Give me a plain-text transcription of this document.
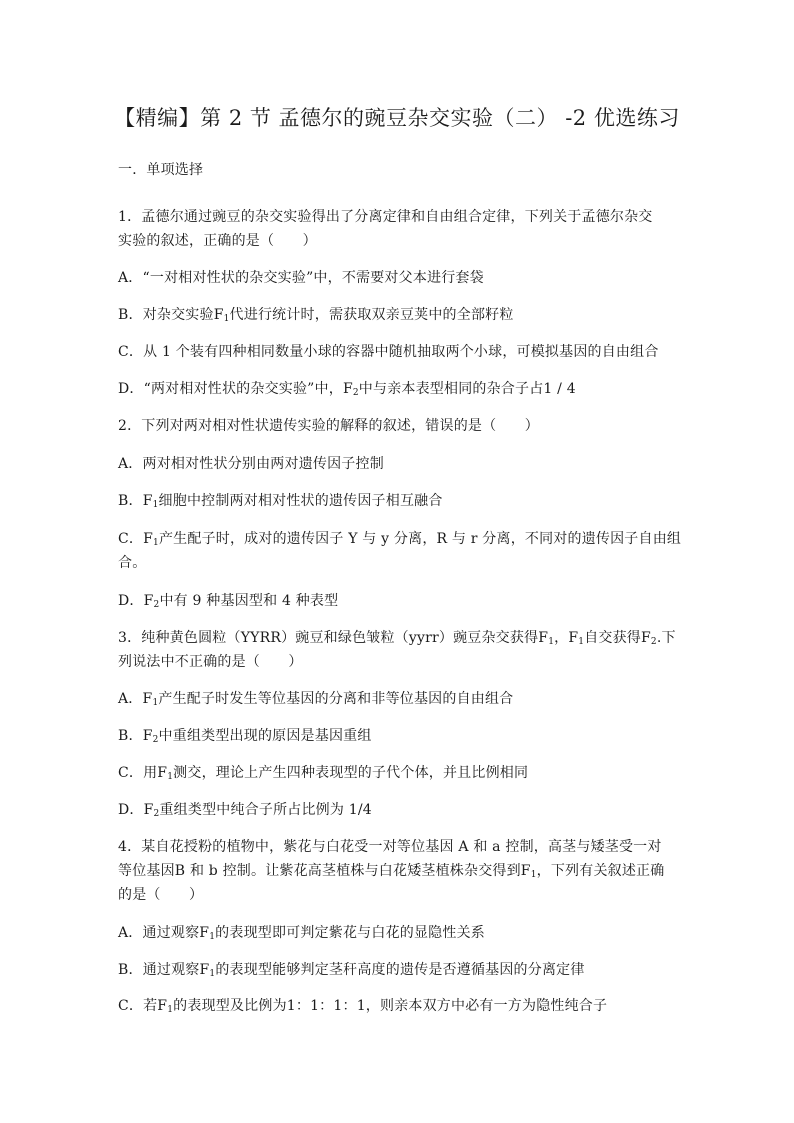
【精编】第 2 节 孟德尔的豌豆杂交实验（二） -2 优选练习
一．单项选择
1．孟德尔通过豌豆的杂交实验得出了分离定律和自由组合定律，下列关于孟德尔杂交
实验的叙述，正确的是（　　）
A．“一对相对性状的杂交实验”中，不需要对父本进行套袋
B．对杂交实验$F_1$代进行统计时，需获取双亲豆荚中的全部籽粒
C．从 1 个装有四种相同数量小球的容器中随机抽取两个小球，可模拟基因的自由组合
D．“两对相对性状的杂交实验”中，$F_2$中与亲本表型相同的杂合子占1 / 4
2．下列对两对相对性状遗传实验的解释的叙述，错误的是（　　）
A．两对相对性状分别由两对遗传因子控制
B．$F_1$细胞中控制两对相对性状的遗传因子相互融合
C．$F_1$产生配子时，成对的遗传因子 Y 与 y 分离，R 与 r 分离，不同对的遗传因子自由组
合。
D．$F_2$中有 9 种基因型和 4 种表型
3．纯种黄色圆粒（YYRR）豌豆和绿色皱粒（yyrr）豌豆杂交获得$F_1$，$F_1$自交获得$F_2$.下
列说法中不正确的是（　　）
A．$F_1$产生配子时发生等位基因的分离和非等位基因的自由组合
B．$F_2$中重组类型出现的原因是基因重组
C．用$F_1$测交，理论上产生四种表现型的子代个体，并且比例相同
D．$F_2$重组类型中纯合子所占比例为 1/4
4．某自花授粉的植物中，紫花与白花受一对等位基因 A 和 a 控制，高茎与矮茎受一对
等位基因B 和 b 控制。让紫花高茎植株与白花矮茎植株杂交得到$F_1$，下列有关叙述正确
的是（　　）
A．通过观察$F_1$的表现型即可判定紫花与白花的显隐性关系
B．通过观察$F_1$的表现型能够判定茎秆高度的遗传是否遵循基因的分离定律
C．若$F_1$的表现型及比例为1：1：1：1，则亲本双方中必有一方为隐性纯合子
